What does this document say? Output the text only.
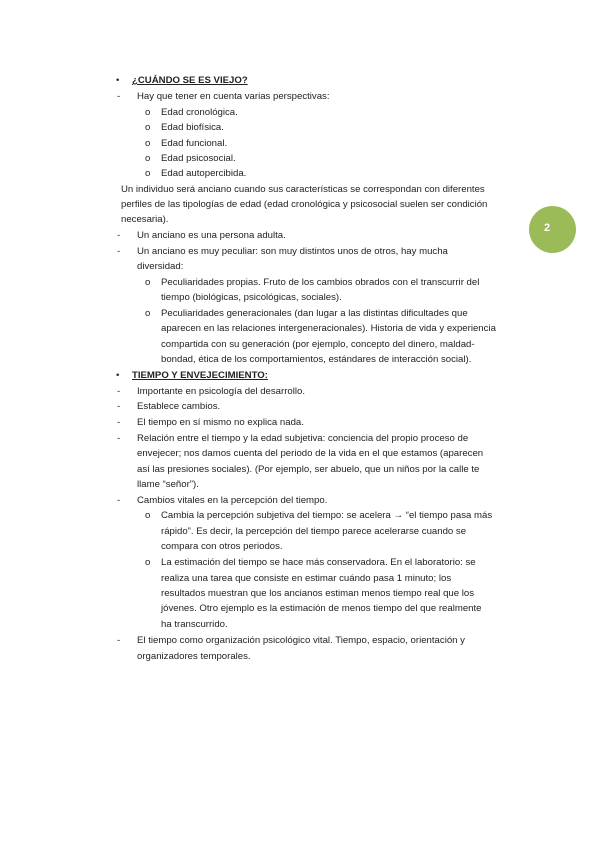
2
• ¿CUÁNDO SE ES VIEJO?
- Hay que tener en cuenta varias perspectivas:
o Edad cronológica.
o Edad biofísica.
o Edad funcional.
o Edad psicosocial.
o Edad autopercibida.
Un individuo será anciano cuando sus características se correspondan con diferentes
perfiles de las tipologías de edad (edad cronológica y psicosocial suelen ser condición
necesaria).
- Un anciano es una persona adulta.
- Un anciano es muy peculiar: son muy distintos unos de otros, hay mucha
diversidad:
o Peculiaridades propias. Fruto de los cambios obrados con el transcurrir del
tiempo (biológicas, psicológicas, sociales).
o Peculiaridades generacionales (dan lugar a las distintas dificultades que
aparecen en las relaciones intergeneracionales). Historia de vida y experiencia
compartida con su generación (por ejemplo, concepto del dinero, maldad-
bondad, ética de los comportamientos, estándares de interacción social).
• TIEMPO Y ENVEJECIMIENTO:
- Importante en psicología del desarrollo.
- Establece cambios.
- El tiempo en sí mismo no explica nada.
- Relación entre el tiempo y la edad subjetiva: conciencia del propio proceso de
envejecer; nos damos cuenta del periodo de la vida en el que estamos (aparecen
así las presiones sociales). (Por ejemplo, ser abuelo, que un niños por la calle te
llame “señor”).
- Cambios vitales en la percepción del tiempo.
o Cambia la percepción subjetiva del tiempo: se acelera → “el tiempo pasa más
rápido”. Es decir, la percepción del tiempo parece acelerarse cuando se
compara con otros periodos.
o La estimación del tiempo se hace más conservadora. En el laboratorio: se
realiza una tarea que consiste en estimar cuándo pasa 1 minuto; los
resultados muestran que los ancianos estiman menos tiempo real que los
jóvenes. Otro ejemplo es la estimación de menos tiempo del que realmente
ha transcurrido.
- El tiempo como organización psicológico vital. Tiempo, espacio, orientación y
organizadores temporales.
